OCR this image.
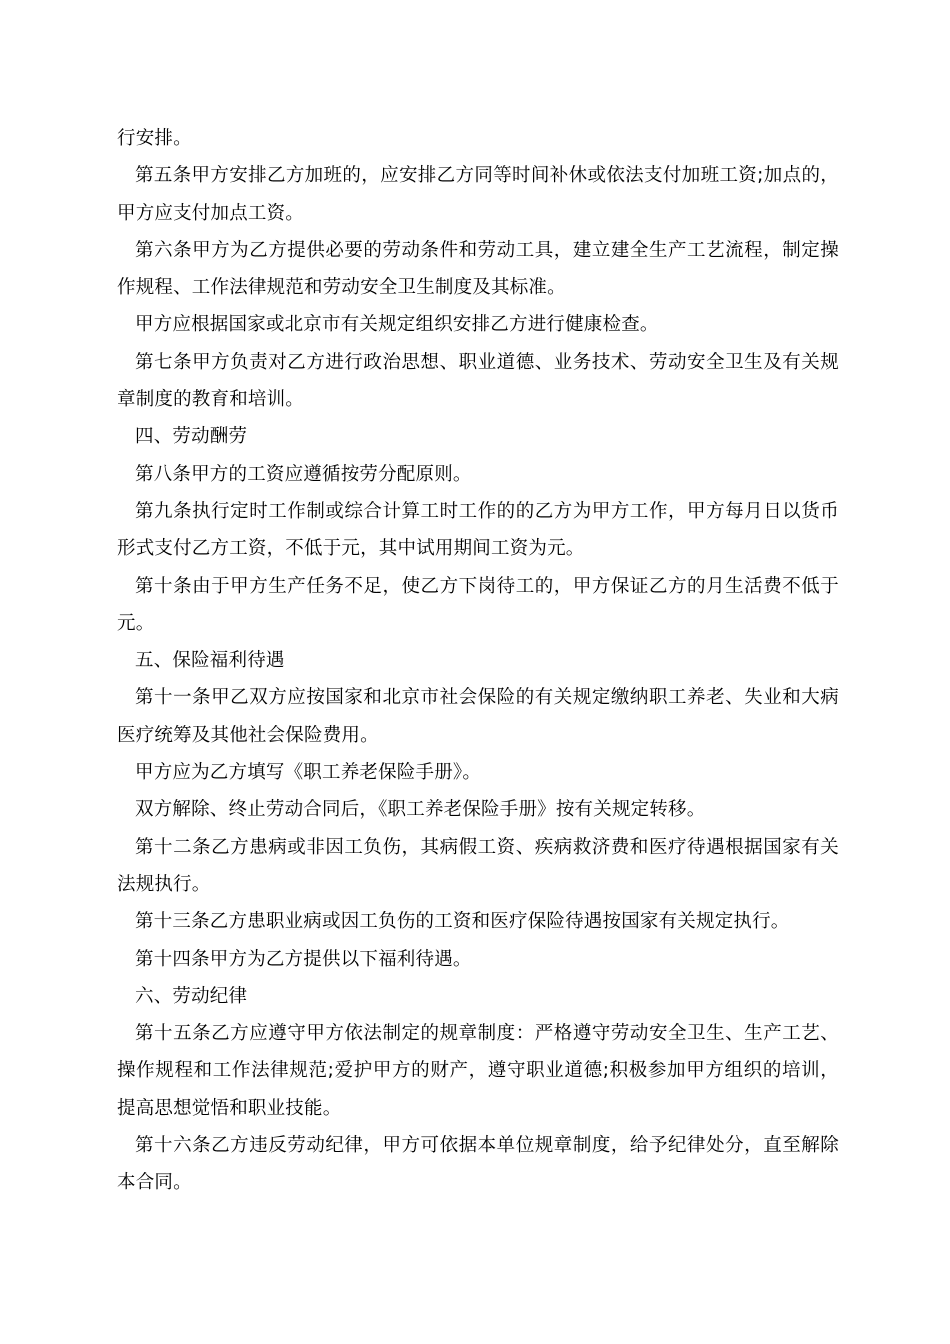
行安排。

第五条甲方安排乙方加班的，应安排乙方同等时间补休或依法支付加班工资;加点的，甲方应支付加点工资。

第六条甲方为乙方提供必要的劳动条件和劳动工具，建立建全生产工艺流程，制定操作规程、工作法律规范和劳动安全卫生制度及其标准。

甲方应根据国家或北京市有关规定组织安排乙方进行健康检查。

第七条甲方负责对乙方进行政治思想、职业道德、业务技术、劳动安全卫生及有关规章制度的教育和培训。

四、劳动酬劳

第八条甲方的工资应遵循按劳分配原则。

第九条执行定时工作制或综合计算工时工作的的乙方为甲方工作，甲方每月日以货币形式支付乙方工资，不低于元，其中试用期间工资为元。

第十条由于甲方生产任务不足，使乙方下岗待工的，甲方保证乙方的月生活费不低于元。

五、保险福利待遇

第十一条甲乙双方应按国家和北京市社会保险的有关规定缴纳职工养老、失业和大病医疗统筹及其他社会保险费用。

甲方应为乙方填写《职工养老保险手册》。

双方解除、终止劳动合同后，《职工养老保险手册》按有关规定转移。

第十二条乙方患病或非因工负伤，其病假工资、疾病救济费和医疗待遇根据国家有关法规执行。

第十三条乙方患职业病或因工负伤的工资和医疗保险待遇按国家有关规定执行。

第十四条甲方为乙方提供以下福利待遇。

六、劳动纪律

第十五条乙方应遵守甲方依法制定的规章制度：严格遵守劳动安全卫生、生产工艺、操作规程和工作法律规范;爱护甲方的财产，遵守职业道德;积极参加甲方组织的培训，提高思想觉悟和职业技能。

第十六条乙方违反劳动纪律，甲方可依据本单位规章制度，给予纪律处分，直至解除本合同。
